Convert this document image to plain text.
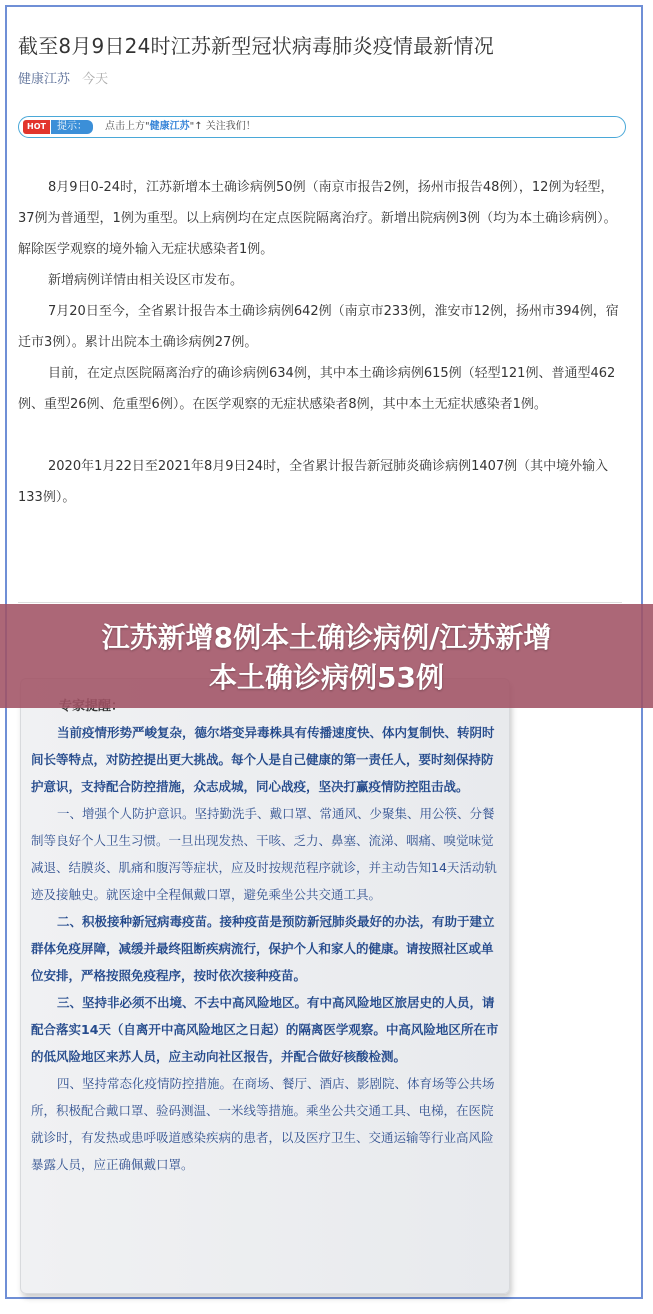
截至8月9日24时江苏新型冠状病毒肺炎疫情最新情况
健康江苏 今天
HOT	提示：	点击上方"健康江苏"↑ 关注我们！

8月9日0-24时，江苏新增本土确诊病例50例（南京市报告2例，扬州市报告48例），12例为轻型，37例为普通型，1例为重型。以上病例均在定点医院隔离治疗。新增出院病例3例（均为本土确诊病例）。解除医学观察的境外输入无症状感染者1例。

新增病例详情由相关设区市发布。

7月20日至今，全省累计报告本土确诊病例642例（南京市233例，淮安市12例，扬州市394例，宿迁市3例）。累计出院本土确诊病例27例。

目前，在定点医院隔离治疗的确诊病例634例，其中本土确诊病例615例（轻型121例、普通型462例、重型26例、危重型6例）。在医学观察的无症状感染者8例，其中本土无症状感染者1例。

2020年1月22日至2021年8月9日24时，全省累计报告新冠肺炎确诊病例1407例（其中境外输入133例）。

当前疫情形势严峻复杂，德尔塔变异毒株具有传播速度快、体内复制快、转阴时间长等特点，对防控提出更大挑战。每个人是自己健康的第一责任人，要时刻保持防护意识，支持配合防控措施，众志成城，同心战疫，坚决打赢疫情防控阻击战。

一、增强个人防护意识。坚持勤洗手、戴口罩、常通风、少聚集、用公筷、分餐制等良好个人卫生习惯。一旦出现发热、干咳、乏力、鼻塞、流涕、咽痛、嗅觉味觉减退、结膜炎、肌痛和腹泻等症状，应及时按规范程序就诊，并主动告知14天活动轨迹及接触史。就医途中全程佩戴口罩，避免乘坐公共交通工具。

二、积极接种新冠病毒疫苗。接种疫苗是预防新冠肺炎最好的办法，有助于建立群体免疫屏障，减缓并最终阻断疾病流行，保护个人和家人的健康。请按照社区或单位安排，严格按照免疫程序，按时依次接种疫苗。

三、坚持非必须不出境、不去中高风险地区。有中高风险地区旅居史的人员，请配合落实14天（自离开中高风险地区之日起）的隔离医学观察。中高风险地区所在市的低风险地区来苏人员，应主动向社区报告，并配合做好核酸检测。

四、坚持常态化疫情防控措施。在商场、餐厅、酒店、影剧院、体育场等公共场所，积极配合戴口罩、验码测温、一米线等措施。乘坐公共交通工具、电梯，在医院就诊时，有发热或患呼吸道感染疾病的患者，以及医疗卫生、交通运输等行业高风险暴露人员，应正确佩戴口罩。

江苏新增8例本土确诊病例/江苏新增
本土确诊病例53例
